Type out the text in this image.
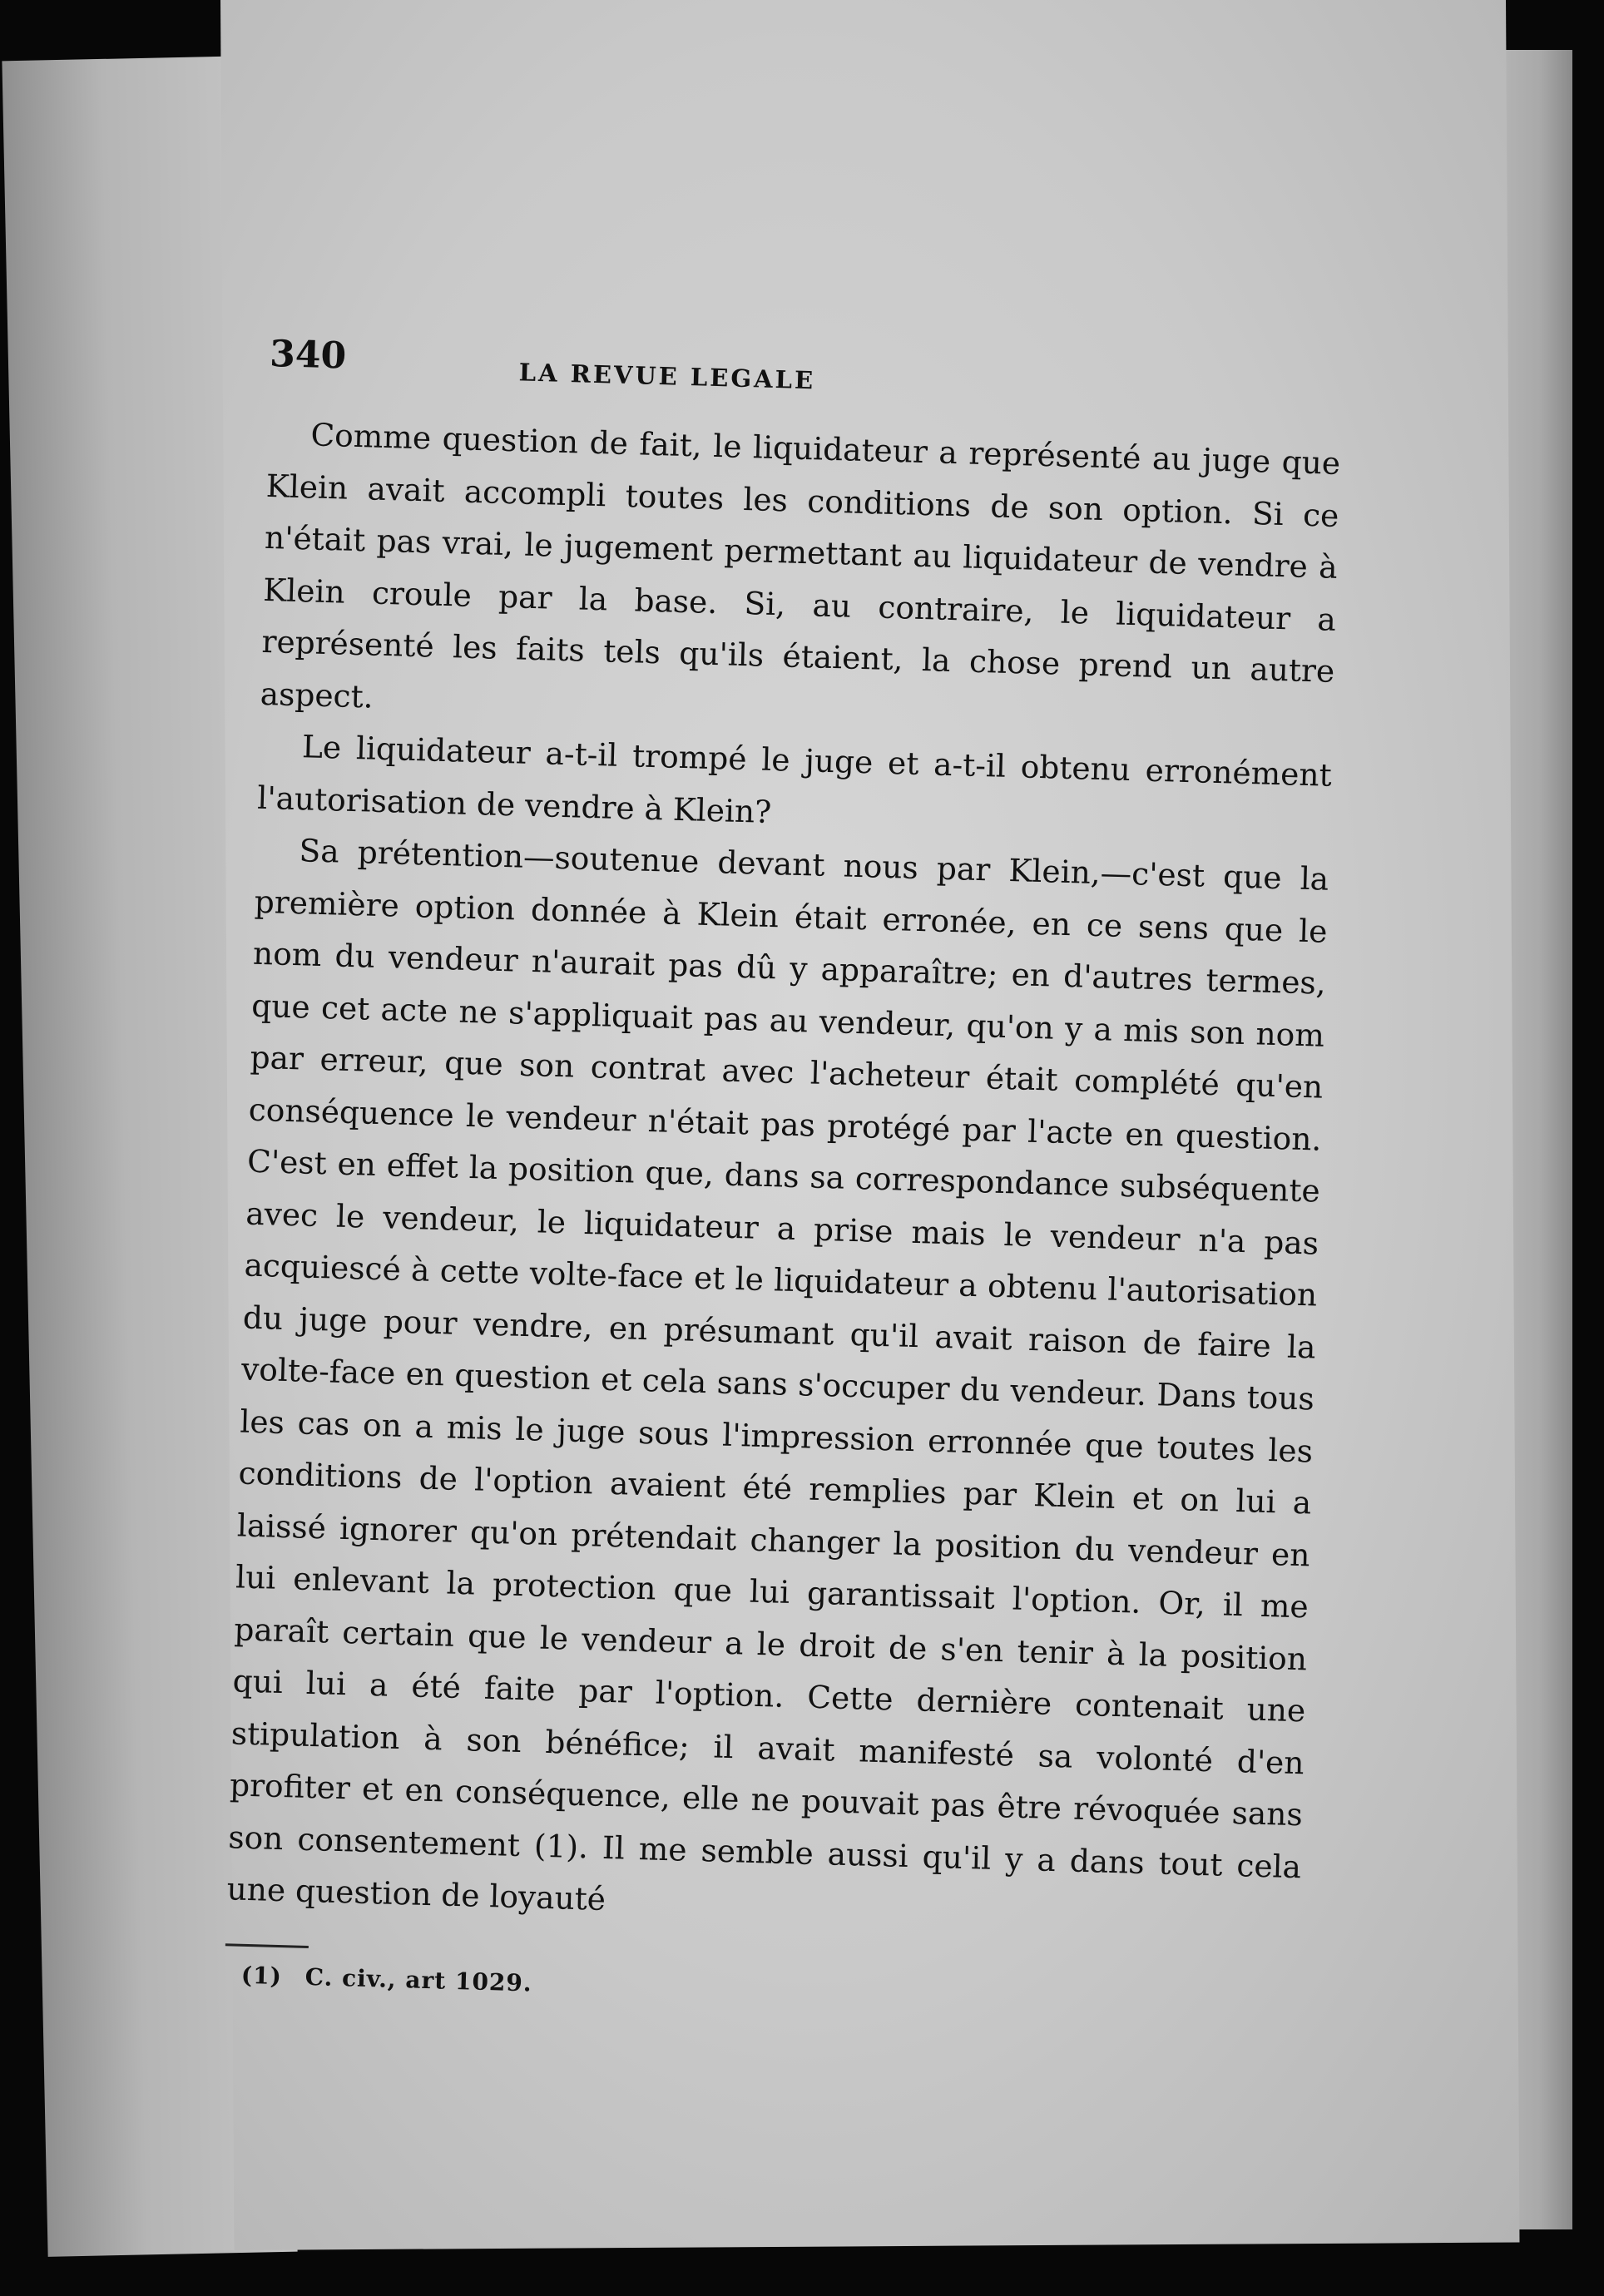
340	LA REVUE LEGALE

Comme question de fait, le liquidateur a représenté au juge que Klein avait accompli toutes les conditions de son option. Si ce n'était pas vrai, le jugement permettant au liquidateur de vendre à Klein croule par la base. Si, au contraire, le liquidateur a représenté les faits tels qu'ils étaient, la chose prend un autre aspect.

Le liquidateur a-t-il trompé le juge et a-t-il obtenu erronément l'autorisation de vendre à Klein?

Sa prétention—soutenue devant nous par Klein,—c'est que la première option donnée à Klein était erronée, en ce sens que le nom du vendeur n'aurait pas dû y apparaître; en d'autres termes, que cet acte ne s'appliquait pas au vendeur, qu'on y a mis son nom par erreur, que son contrat avec l'acheteur était complété qu'en conséquence le vendeur n'était pas protégé par l'acte en question. C'est en effet la position que, dans sa correspondance subséquente avec le vendeur, le liquidateur a prise mais le vendeur n'a pas acquiescé à cette volte-face et le liquidateur a obtenu l'autorisation du juge pour vendre, en présumant qu'il avait raison de faire la volte-face en question et cela sans s'occuper du vendeur. Dans tous les cas on a mis le juge sous l'impression erronnée que toutes les conditions de l'option avaient été remplies par Klein et on lui a laissé ignorer qu'on prétendait changer la position du vendeur en lui enlevant la protection que lui garantissait l'option. Or, il me paraît certain que le vendeur a le droit de s'en tenir à la position qui lui a été faite par l'option. Cette dernière contenait une stipulation à son bénéfice; il avait manifesté sa volonté d'en profiter et en conséquence, elle ne pouvait pas être révoquée sans son consentement (1). Il me semble aussi qu'il y a dans tout cela une question de loyauté

(1) C. civ., art 1029.
